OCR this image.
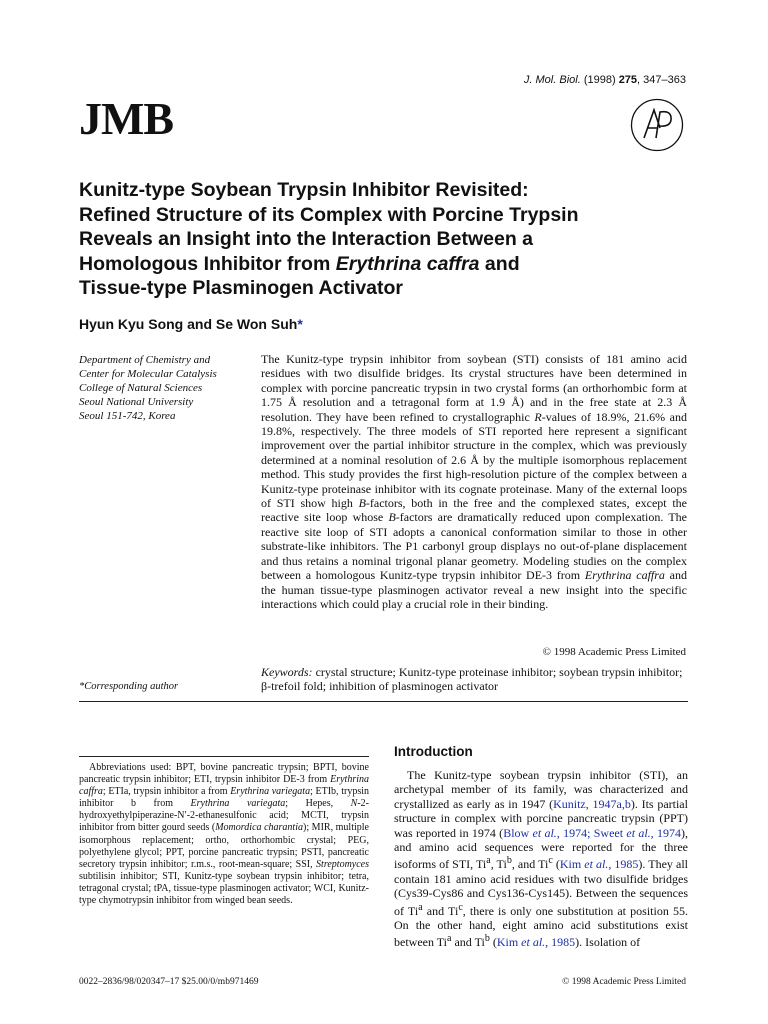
J. Mol. Biol. (1998) 275, 347–363
JMB
Kunitz-type Soybean Trypsin Inhibitor Revisited:
Refined Structure of its Complex with Porcine Trypsin
Reveals an Insight into the Interaction Between a
Homologous Inhibitor from Erythrina caffra and
Tissue-type Plasminogen Activator
Hyun Kyu Song and Se Won Suh*
Department of Chemistry and
Center for Molecular Catalysis
College of Natural Sciences
Seoul National University
Seoul 151-742, Korea
*Corresponding author
The Kunitz-type trypsin inhibitor from soybean (STI) consists of 181 amino acid residues with two disulfide bridges. Its crystal structures have been determined in complex with porcine pancreatic trypsin in two crystal forms (an orthorhombic form at 1.75 Å resolution and a tetragonal form at 1.9 Å) and in the free state at 2.3 Å resolution. They have been refined to crystallographic R-values of 18.9%, 21.6% and 19.8%, respectively. The three models of STI reported here represent a significant improvement over the partial inhibitor structure in the complex, which was previously determined at a nominal resolution of 2.6 Å by the multiple isomorphous replacement method. This study provides the first high-resolution picture of the complex between a Kunitz-type proteinase inhibitor with its cognate proteinase. Many of the external loops of STI show high B-factors, both in the free and the complexed states, except the reactive site loop whose B-factors are dramatically reduced upon complexation. The reactive site loop of STI adopts a canonical conformation similar to those in other substrate-like inhibitors. The P1 carbonyl group displays no out-of-plane displacement and thus retains a nominal trigonal planar geometry. Modeling studies on the complex between a homologous Kunitz-type trypsin inhibitor DE-3 from Erythrina caffra and the human tissue-type plasminogen activator reveal a new insight into the specific interactions which could play a crucial role in their binding.
© 1998 Academic Press Limited
Keywords: crystal structure; Kunitz-type proteinase inhibitor; soybean trypsin inhibitor; β-trefoil fold; inhibition of plasminogen activator
Abbreviations used: BPT, bovine pancreatic trypsin; BPTI, bovine pancreatic trypsin inhibitor; ETI, trypsin inhibitor DE-3 from Erythrina caffra; ETIa, trypsin inhibitor a from Erythrina variegata; ETIb, trypsin inhibitor b from Erythrina variegata; Hepes, N-2-hydroxyethylpiperazine-N′-2-ethanesulfonic acid; MCTI, trypsin inhibitor from bitter gourd seeds (Momordica charantia); MIR, multiple isomorphous replacement; ortho, orthorhombic crystal; PEG, polyethylene glycol; PPT, porcine pancreatic trypsin; PSTI, pancreatic secretory trypsin inhibitor; r.m.s., root-mean-square; SSI, Streptomyces subtilisin inhibitor; STI, Kunitz-type soybean trypsin inhibitor; tetra, tetragonal crystal; tPA, tissue-type plasminogen activator; WCI, Kunitz-type chymotrypsin inhibitor from winged bean seeds.
Introduction
The Kunitz-type soybean trypsin inhibitor (STI), an archetypal member of its family, was characterized and crystallized as early as in 1947 (Kunitz, 1947a,b). Its partial structure in complex with porcine pancreatic trypsin (PPT) was reported in 1974 (Blow et al., 1974; Sweet et al., 1974), and amino acid sequences were reported for the three isoforms of STI, Ti$^a$, Ti$^b$, and Ti$^c$ (Kim et al., 1985). They all contain 181 amino acid residues with two disulfide bridges (Cys39-Cys86 and Cys136-Cys145). Between the sequences of Ti$^a$ and Ti$^c$, there is only one substitution at position 55. On the other hand, eight amino acid substitutions exist between Ti$^a$ and Ti$^b$ (Kim et al., 1985). Isolation of
0022–2836/98/020347–17 $25.00/0/mb971469	© 1998 Academic Press Limited
